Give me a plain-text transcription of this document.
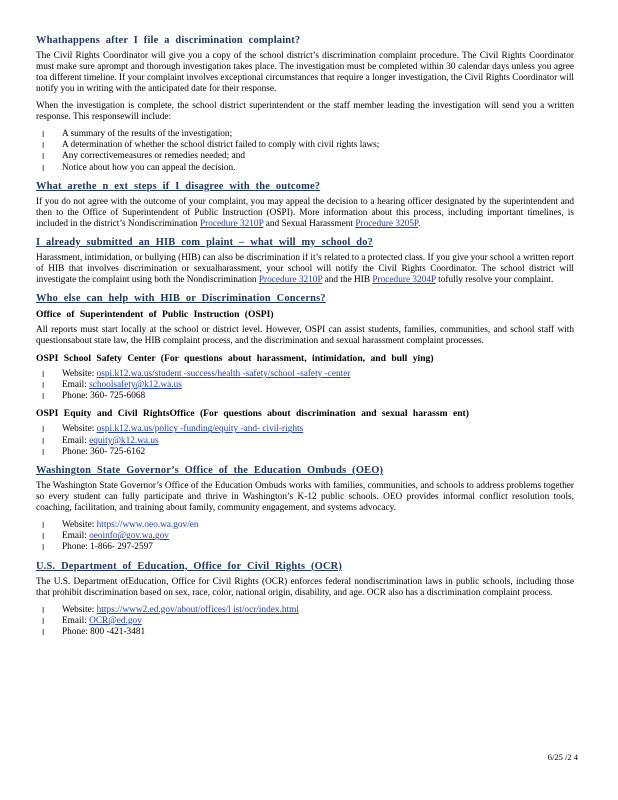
Whathappens after I file a discrimination complaint?

The Civil Rights Coordinator will give you a copy of the school district’s discrimination complaint procedure. The Civil Rights Coordinator must make sure aprompt and thorough investigation takes place. The investigation must be completed within 30 calendar days unless you agree toa different timeline. If your complaint involves exceptional circumstances that require a longer investigation, the Civil Rights Coordinator will notify you in writing with the anticipated date for their response.

When the investigation is complete, the school district superintendent or the staff member leading the investigation will send you a written response. This responsewill include:

l A summary of the results of the investigation;
l A determination of whether the school district failed to comply with civil rights laws;
l Any correctivemeasures or remedies needed; and
l Notice about how you can appeal the decision.
What arethe n ext steps if I disagree with the outcome?

If you do not agree with the outcome of your complaint, you may appeal the decision to a hearing officer designated by the superintendent and then to the Office of Superintendent of Public Instruction (OSPI). More information about this process, including important timelines, is included in the district’s Nondiscrimination Procedure 3210P and Sexual Harassment Procedure 3205P.

I already submitted an HIB com plaint – what will my school do?

Harassment, intimidation, or bullying (HIB) can also be discrimination if it’s related to a protected class. If you give your school a written report of HIB that involves discrimination or sexualharassment, your school will notify the Civil Rights Coordinator. The school district will investigate the complaint using both the Nondiscrimination Procedure 3210P and the HIB Procedure 3204P tofully resolve your complaint.

Who else can help with HIB or Discrimination Concerns?
Office of Superintendent of Public Instruction (OSPI)

All reports must start locally at the school or district level. However, OSPI can assist students, families, communities, and school staff with questionsabout state law, the HIB complaint process, and the discrimination and sexual harassment complaint processes.

OSPI School Safety Center (For questions about harassment, intimidation, and bull ying)
l Website: ospi.k12.wa.us/student -success/health -safety/school -safety -center
l Email: schoolsafety@k12.wa.us
l Phone: 360- 725-6068
OSPI Equity and Civil RightsOffice (For questions about discrimination and sexual harassm ent)
l Website: ospi.k12.wa.us/policy -funding/equity -and- civil-rights
l Email: equity@k12.wa.us
l Phone: 360- 725-6162
Washington State Governor’s Office of the Education Ombuds (OEO)

The Washington State Governor’s Office of the Education Ombuds works with families, communities, and schools to address problems together so every student can fully participate and thrive in Washington’s K-12 public schools. OEO provides informal conflict resolution tools, coaching, facilitation, and training about family, community engagement, and systems advocacy.

l Website: https://www.oeo.wa.gov/en
l Email: oeoinfo@gov.wa.gov
l Phone: 1-866- 297-2597
U.S. Department of Education, Office for Civil Rights (OCR)

The U.S. Department ofEducation, Office for Civil Rights (OCR) enforces federal nondiscrimination laws in public schools, including those that prohibit discrimination based on sex, race, color, national origin, disability, and age. OCR also has a discrimination complaint process.

l Website: https://www2.ed.gov/about/offices/l ist/ocr/index.html
l Email: OCR@ed.gov
l Phone: 800 -421-3481
6/25 /2 4
